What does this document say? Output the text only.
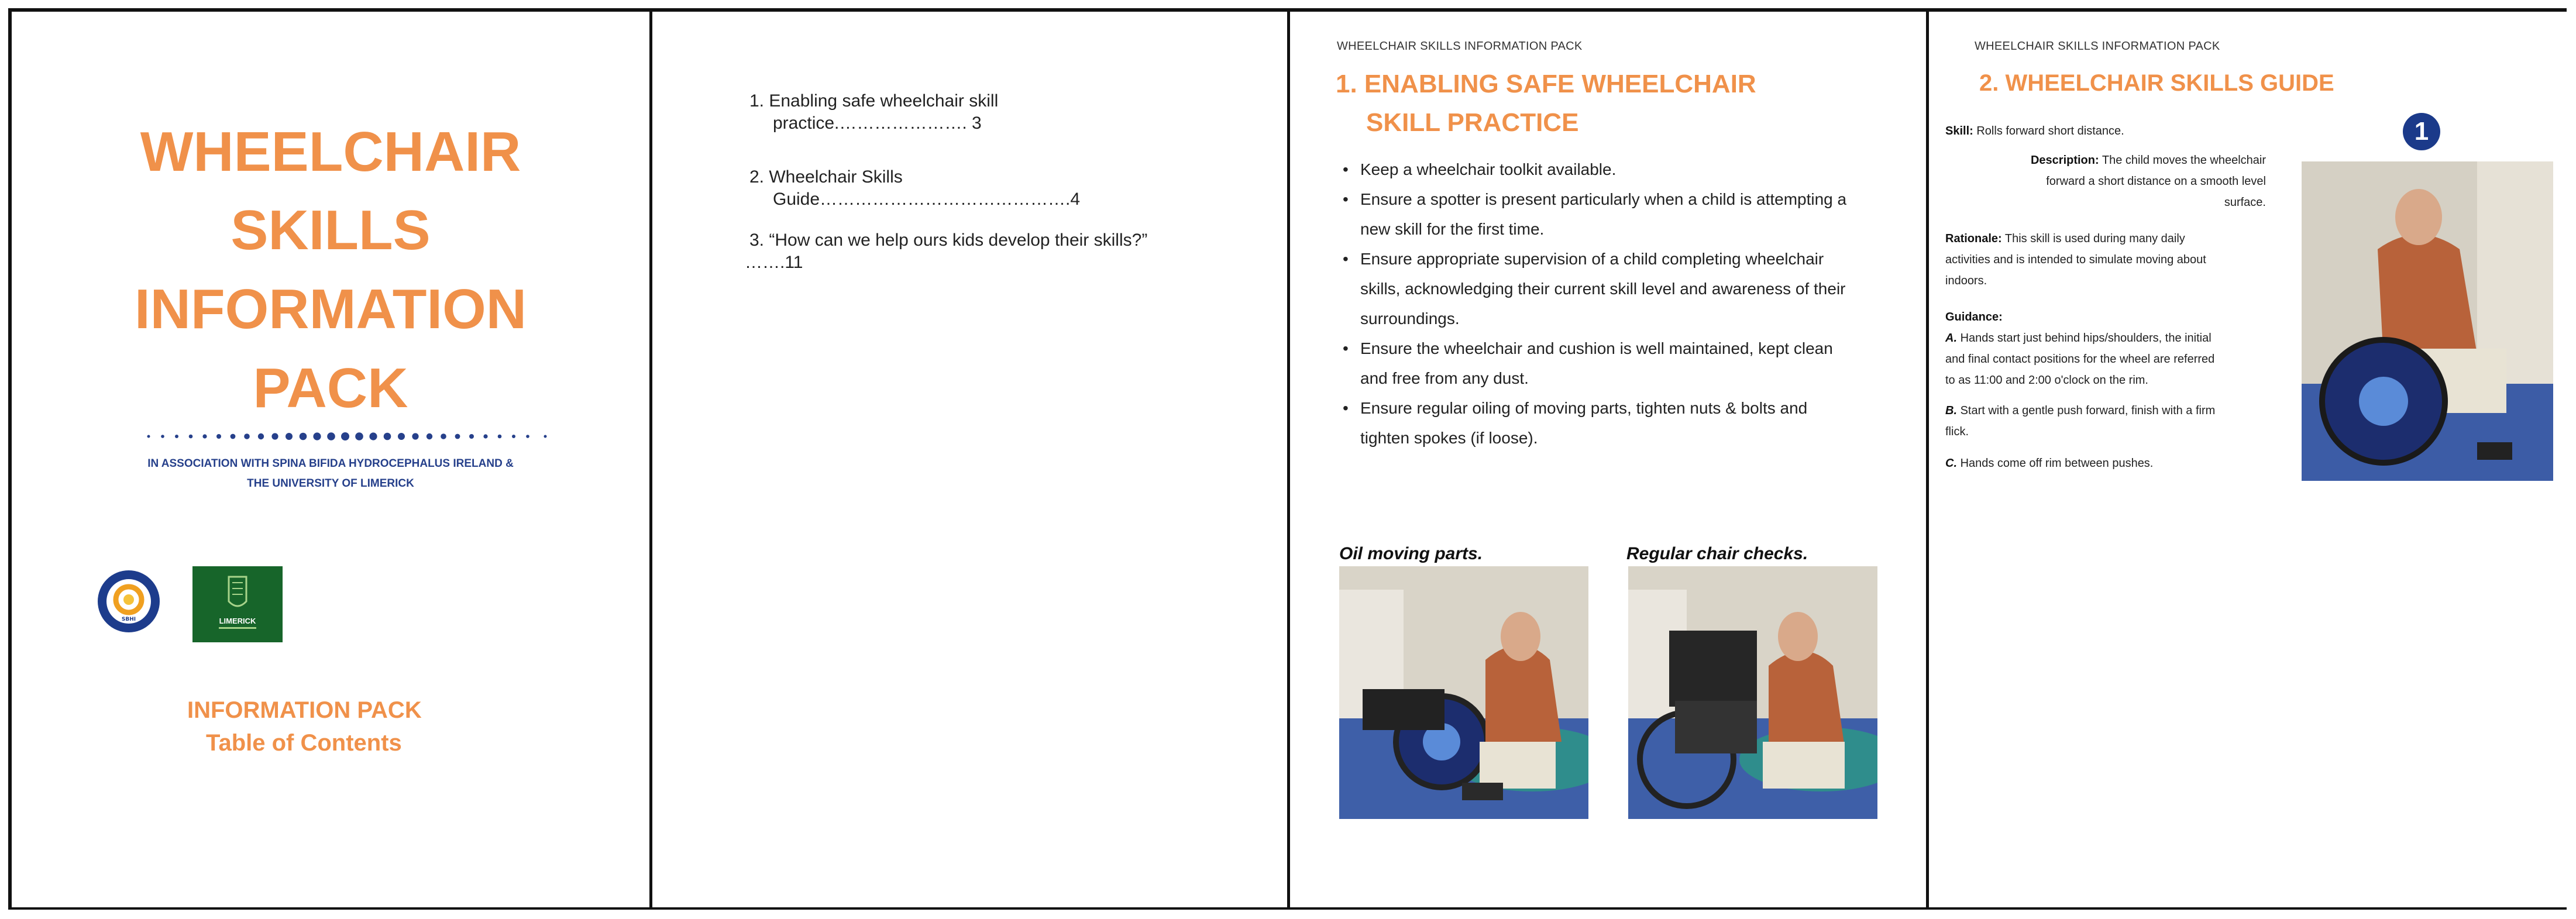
WHEELCHAIR
SKILLS
INFORMATION
PACK
IN ASSOCIATION WITH SPINA BIFIDA HYDROCEPHALUS IRELAND &
THE UNIVERSITY OF LIMERICK
SBHI	LIMERICK
INFORMATION PACK
Table of Contents
1. Enabling safe wheelchair skill
practice.…………………. 3
2. Wheelchair Skills
Guide…………………………………….4
3. “How can we help ours kids develop their skills?”
…….11
WHEELCHAIR SKILLS INFORMATION PACK
1. ENABLING SAFE WHEELCHAIR
SKILL PRACTICE
• Keep a wheelchair toolkit available.
• Ensure a spotter is present particularly when a child is attempting a new skill for the first time.
• Ensure appropriate supervision of a child completing wheelchair skills, acknowledging their current skill level and awareness of their surroundings.
• Ensure the wheelchair and cushion is well maintained, kept clean and free from any dust.
• Ensure regular oiling of moving parts, tighten nuts & bolts and tighten spokes (if loose).
Oil moving parts.	Regular chair checks.
WHEELCHAIR SKILLS INFORMATION PACK
2. WHEELCHAIR SKILLS GUIDE
1
Skill: Rolls forward short distance.
Description: The child moves the wheelchair
forward a short distance on a smooth level
surface.
Rationale: This skill is used during many daily
activities and is intended to simulate moving about
indoors.
Guidance:
A. Hands start just behind hips/shoulders, the initial
and final contact positions for the wheel are referred
to as 11:00 and 2:00 o'clock on the rim.
B. Start with a gentle push forward, finish with a firm
flick.
C. Hands come off rim between pushes.
